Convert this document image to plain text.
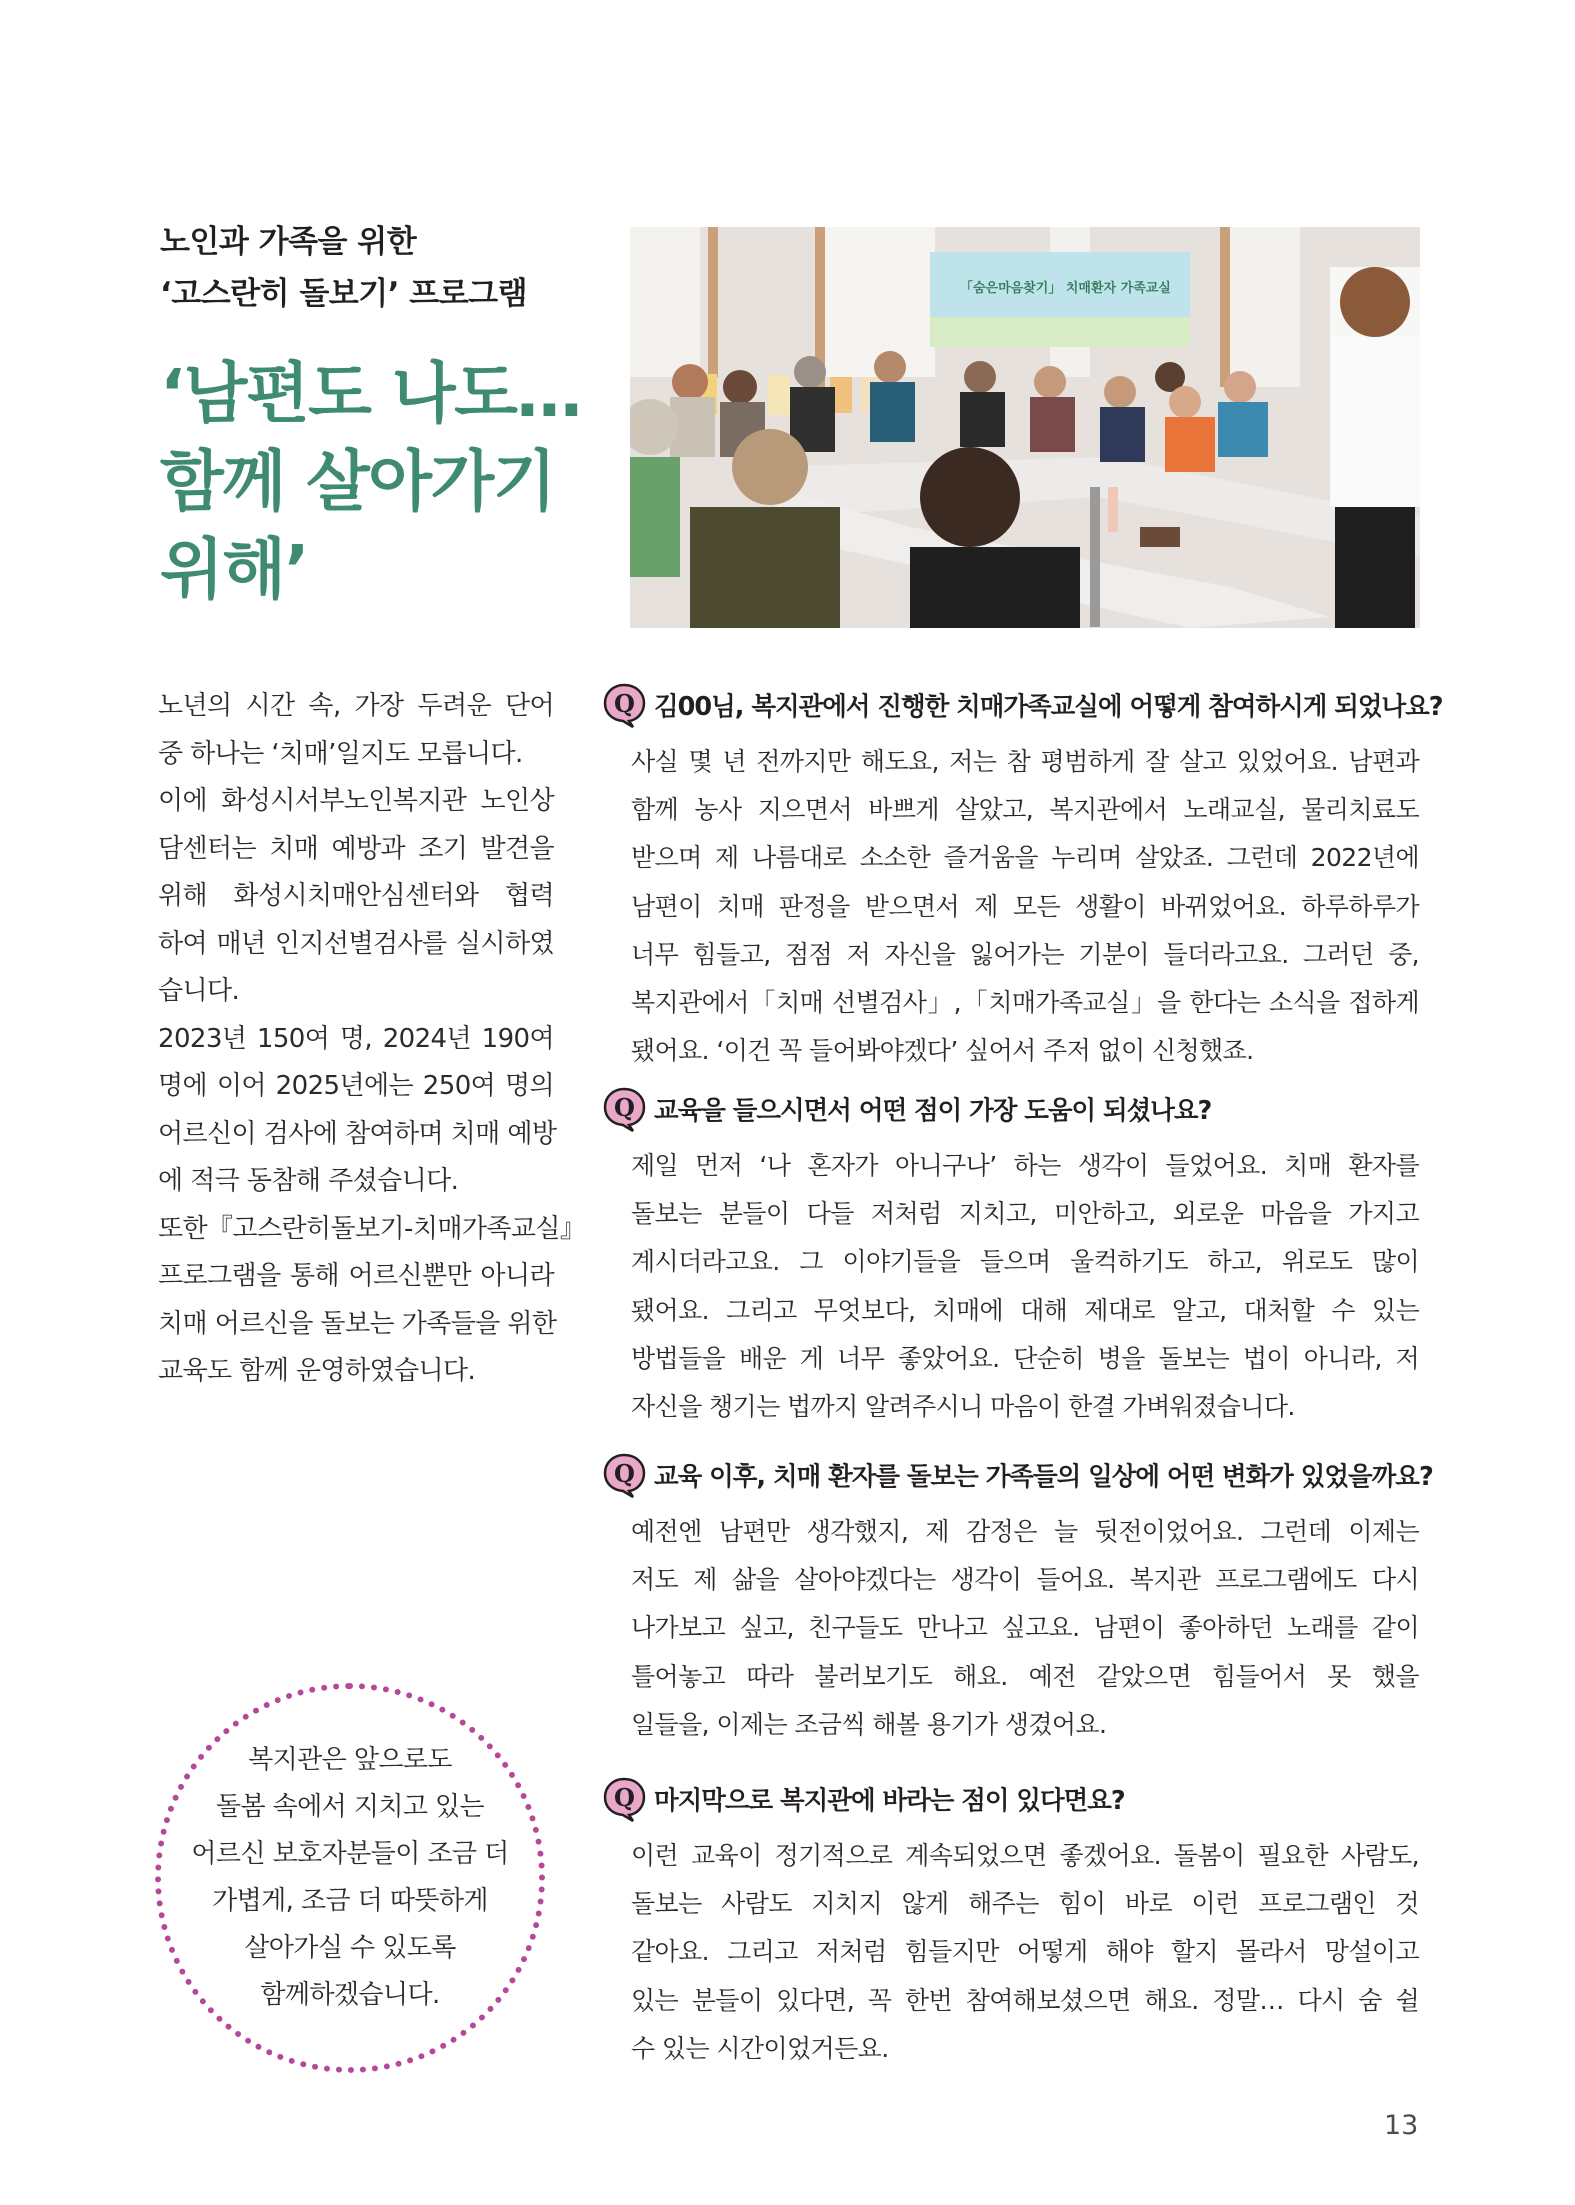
노인과 가족을 위한
‘고스란히 돌보기’ 프로그램
‘남편도 나도…
함께 살아가기
위해’
「숨은마음찾기」 치매환자 가족교실
노년의 시간 속, 가장 두려운 단어
중 하나는 ‘치매’일지도 모릅니다.
이에 화성시서부노인복지관 노인상
담센터는 치매 예방과 조기 발견을
위해 화성시치매안심센터와 협력
하여 매년 인지선별검사를 실시하였
습니다.
2023년 150여 명, 2024년 190여
명에 이어 2025년에는 250여 명의
어르신이 검사에 참여하며 치매 예방
에 적극 동참해 주셨습니다.
또한『고스란히돌보기-치매가족교실』
프로그램을 통해 어르신뿐만 아니라
치매 어르신을 돌보는 가족들을 위한
교육도 함께 운영하였습니다.
복지관은 앞으로도
돌봄 속에서 지치고 있는
어르신 보호자분들이 조금 더
가볍게, 조금 더 따뜻하게
살아가실 수 있도록
함께하겠습니다.
Q 김00님, 복지관에서 진행한 치매가족교실에 어떻게 참여하시게 되었나요?
사실 몇 년 전까지만 해도요, 저는 참 평범하게 잘 살고 있었어요. 남편과
함께 농사 지으면서 바쁘게 살았고, 복지관에서 노래교실, 물리치료도
받으며 제 나름대로 소소한 즐거움을 누리며 살았죠. 그런데 2022년에
남편이 치매 판정을 받으면서 제 모든 생활이 바뀌었어요. 하루하루가
너무 힘들고, 점점 저 자신을 잃어가는 기분이 들더라고요. 그러던 중,
복지관에서「치매 선별검사」,「치매가족교실」을 한다는 소식을 접하게
됐어요. ‘이건 꼭 들어봐야겠다’ 싶어서 주저 없이 신청했죠.
Q 교육을 들으시면서 어떤 점이 가장 도움이 되셨나요?
제일 먼저 ‘나 혼자가 아니구나’ 하는 생각이 들었어요. 치매 환자를
돌보는 분들이 다들 저처럼 지치고, 미안하고, 외로운 마음을 가지고
계시더라고요. 그 이야기들을 들으며 울컥하기도 하고, 위로도 많이
됐어요. 그리고 무엇보다, 치매에 대해 제대로 알고, 대처할 수 있는
방법들을 배운 게 너무 좋았어요. 단순히 병을 돌보는 법이 아니라, 저
자신을 챙기는 법까지 알려주시니 마음이 한결 가벼워졌습니다.
Q 교육 이후, 치매 환자를 돌보는 가족들의 일상에 어떤 변화가 있었을까요?
예전엔 남편만 생각했지, 제 감정은 늘 뒷전이었어요. 그런데 이제는
저도 제 삶을 살아야겠다는 생각이 들어요. 복지관 프로그램에도 다시
나가보고 싶고, 친구들도 만나고 싶고요. 남편이 좋아하던 노래를 같이
틀어놓고 따라 불러보기도 해요. 예전 같았으면 힘들어서 못 했을
일들을, 이제는 조금씩 해볼 용기가 생겼어요.
Q 마지막으로 복지관에 바라는 점이 있다면요?
이런 교육이 정기적으로 계속되었으면 좋겠어요. 돌봄이 필요한 사람도,
돌보는 사람도 지치지 않게 해주는 힘이 바로 이런 프로그램인 것
같아요. 그리고 저처럼 힘들지만 어떻게 해야 할지 몰라서 망설이고
있는 분들이 있다면, 꼭 한번 참여해보셨으면 해요. 정말… 다시 숨 쉴
수 있는 시간이었거든요.
13
